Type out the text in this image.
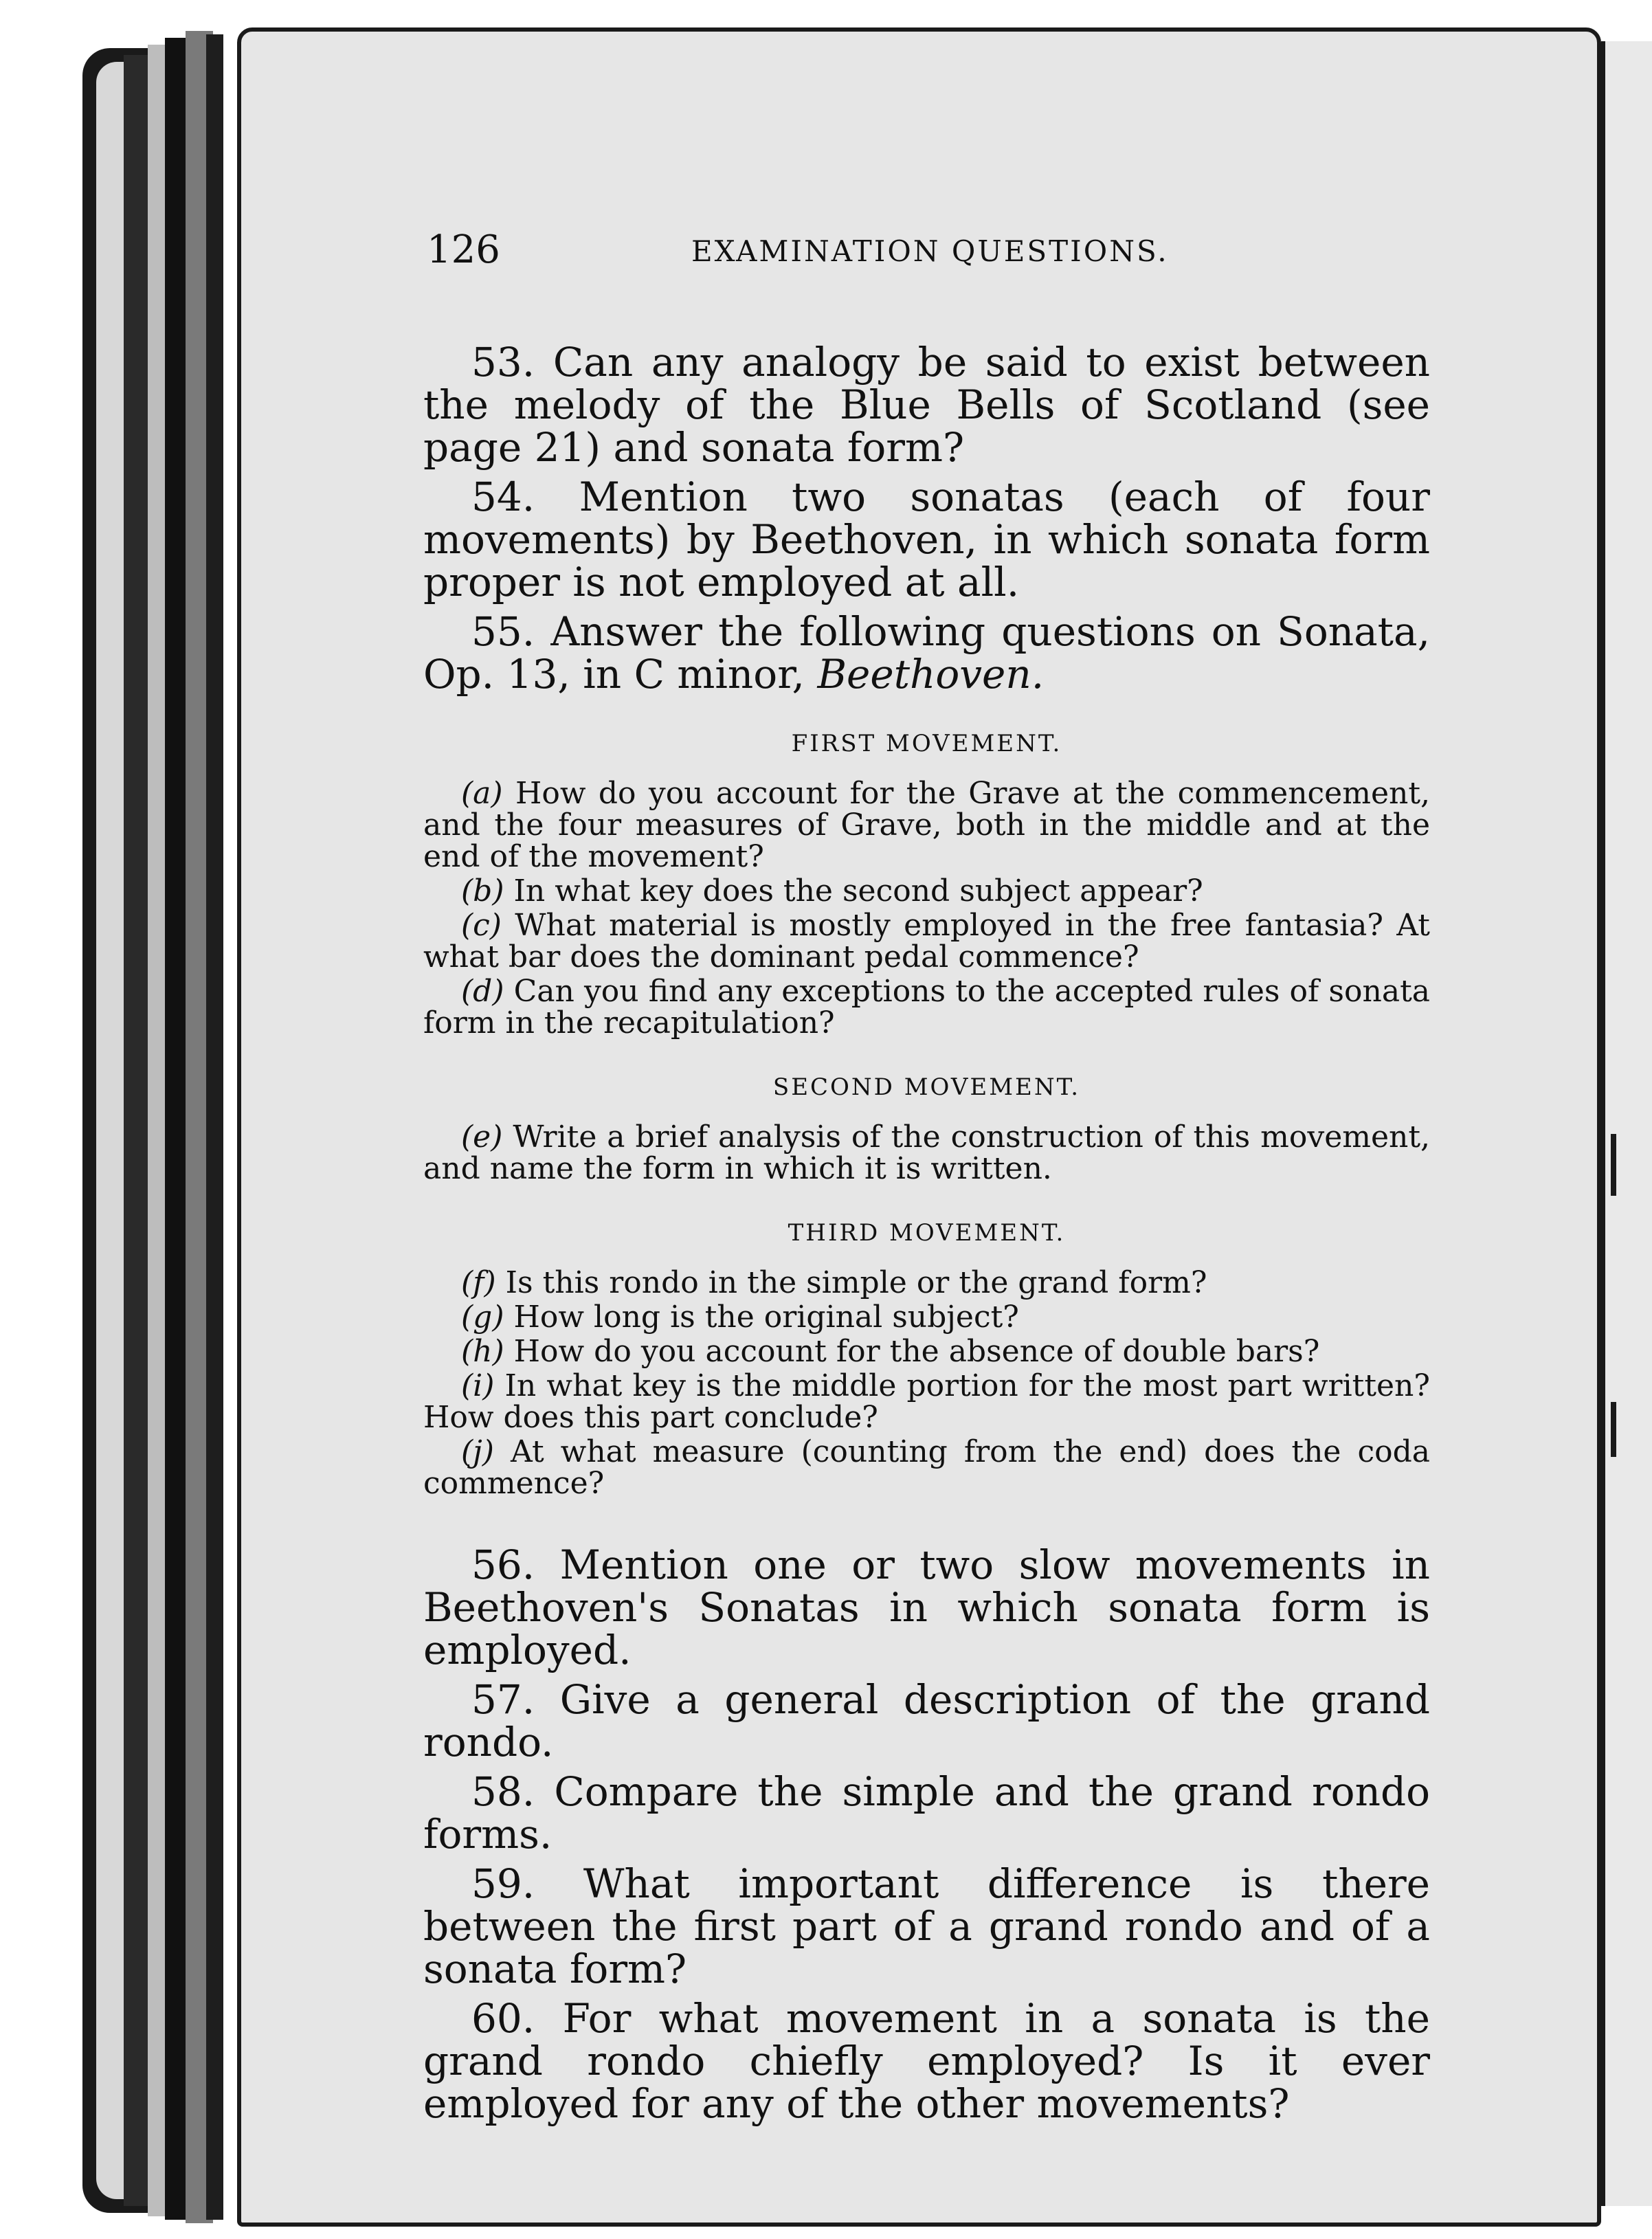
126	EXAMINATION QUESTIONS.

53. Can any analogy be said to exist between the melody of the Blue Bells of Scotland (see page 21) and sonata form?

54. Mention two sonatas (each of four movements) by Beethoven, in which sonata form proper is not employed at all.

55. Answer the following questions on Sonata, Op. 13, in C minor, Beethoven.

FIRST MOVEMENT.

(a) How do you account for the Grave at the commencement, and the four measures of Grave, both in the middle and at the end of the movement?

(b) In what key does the second subject appear?

(c) What material is mostly employed in the free fantasia? At what bar does the dominant pedal commence?

(d) Can you find any exceptions to the accepted rules of sonata form in the recapitulation?

SECOND MOVEMENT.

(e) Write a brief analysis of the construction of this movement, and name the form in which it is written.

THIRD MOVEMENT.

(f) Is this rondo in the simple or the grand form?

(g) How long is the original subject?

(h) How do you account for the absence of double bars?

(i) In what key is the middle portion for the most part written? How does this part conclude?

(j) At what measure (counting from the end) does the coda commence?

56. Mention one or two slow movements in Beethoven's Sonatas in which sonata form is employed.

57. Give a general description of the grand rondo.

58. Compare the simple and the grand rondo forms.

59. What important difference is there between the first part of a grand rondo and of a sonata form?

60. For what movement in a sonata is the grand rondo chiefly employed? Is it ever employed for any of the other movements?
